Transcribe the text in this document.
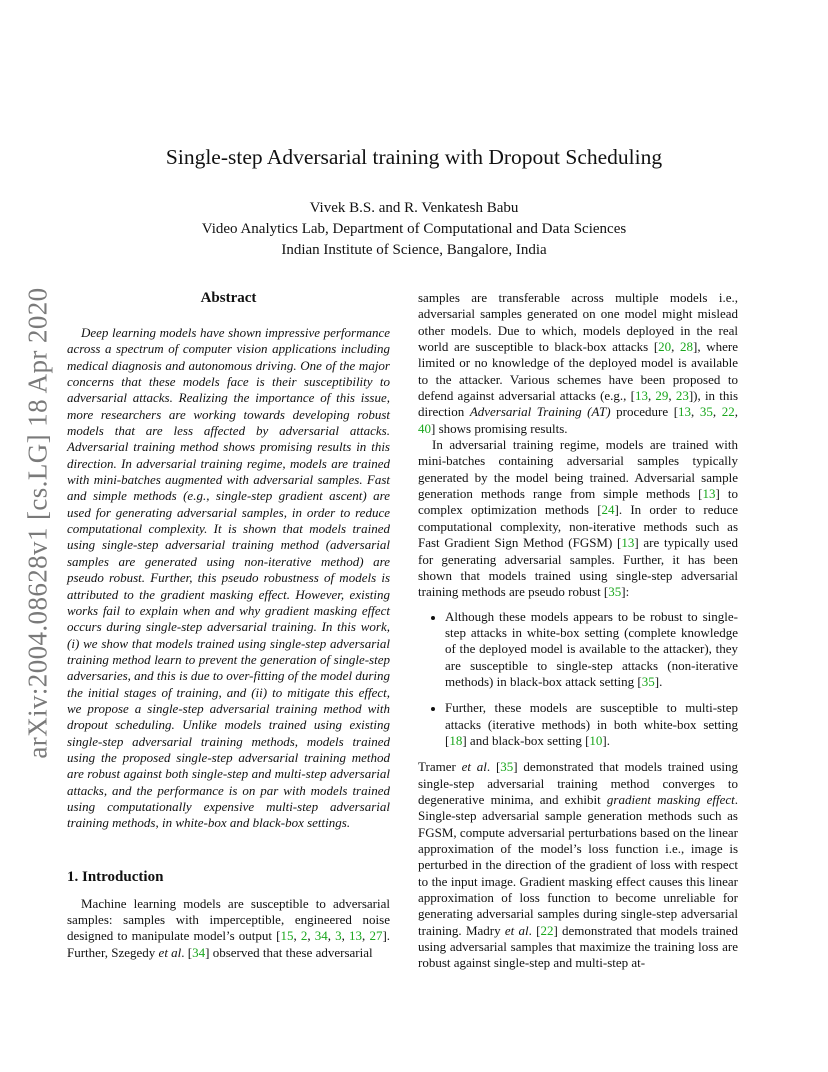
arXiv:2004.08628v1 [cs.LG] 18 Apr 2020
Single-step Adversarial training with Dropout Scheduling
Vivek B.S. and R. Venkatesh Babu
Video Analytics Lab, Department of Computational and Data Sciences
Indian Institute of Science, Bangalore, India
Abstract

Deep learning models have shown impressive performance across a spectrum of computer vision applications including medical diagnosis and autonomous driving. One of the major concerns that these models face is their susceptibility to adversarial attacks. Realizing the importance of this issue, more researchers are working towards developing robust models that are less affected by adversarial attacks. Adversarial training method shows promising results in this direction. In adversarial training regime, models are trained with mini-batches augmented with adversarial samples. Fast and simple methods (e.g., single-step gradient ascent) are used for generating adversarial samples, in order to reduce computational complexity. It is shown that models trained using single-step adversarial training method (adversarial samples are generated using non-iterative method) are pseudo robust. Further, this pseudo robustness of models is attributed to the gradient masking effect. However, existing works fail to explain when and why gradient masking effect occurs during single-step adversarial training. In this work, (i) we show that models trained using single-step adversarial training method learn to prevent the generation of single-step adversaries, and this is due to over-fitting of the model during the initial stages of training, and (ii) to mitigate this effect, we propose a single-step adversarial training method with dropout scheduling. Unlike models trained using existing single-step adversarial training methods, models trained using the proposed single-step adversarial training method are robust against both single-step and multi-step adversarial attacks, and the performance is on par with models trained using computationally expensive multi-step adversarial training methods, in white-box and black-box settings.

1. Introduction

Machine learning models are susceptible to adversarial samples: samples with imperceptible, engineered noise designed to manipulate model’s output [15, 2, 34, 3, 13, 27]. Further, Szegedy et al. [34] observed that these adversarial

samples are transferable across multiple models i.e., adversarial samples generated on one model might mislead other models. Due to which, models deployed in the real world are susceptible to black-box attacks [20, 28], where limited or no knowledge of the deployed model is available to the attacker. Various schemes have been proposed to defend against adversarial attacks (e.g., [13, 29, 23]), in this direction Adversarial Training (AT) procedure [13, 35, 22, 40] shows promising results.

In adversarial training regime, models are trained with mini-batches containing adversarial samples typically generated by the model being trained. Adversarial sample generation methods range from simple methods [13] to complex optimization methods [24]. In order to reduce computational complexity, non-iterative methods such as Fast Gradient Sign Method (FGSM) [13] are typically used for generating adversarial samples. Further, it has been shown that models trained using single-step adversarial training methods are pseudo robust [35]:

• Although these models appears to be robust to single-step attacks in white-box setting (complete knowledge of the deployed model is available to the attacker), they are susceptible to single-step attacks (non-iterative methods) in black-box attack setting [35].
• Further, these models are susceptible to multi-step attacks (iterative methods) in both white-box setting [18] and black-box setting [10].

Tramer et al. [35] demonstrated that models trained using single-step adversarial training method converges to degenerative minima, and exhibit gradient masking effect. Single-step adversarial sample generation methods such as FGSM, compute adversarial perturbations based on the linear approximation of the model’s loss function i.e., image is perturbed in the direction of the gradient of loss with respect to the input image. Gradient masking effect causes this linear approximation of loss function to become unreliable for generating adversarial samples during single-step adversarial training. Madry et al. [22] demonstrated that models trained using adversarial samples that maximize the training loss are robust against single-step and multi-step at-
